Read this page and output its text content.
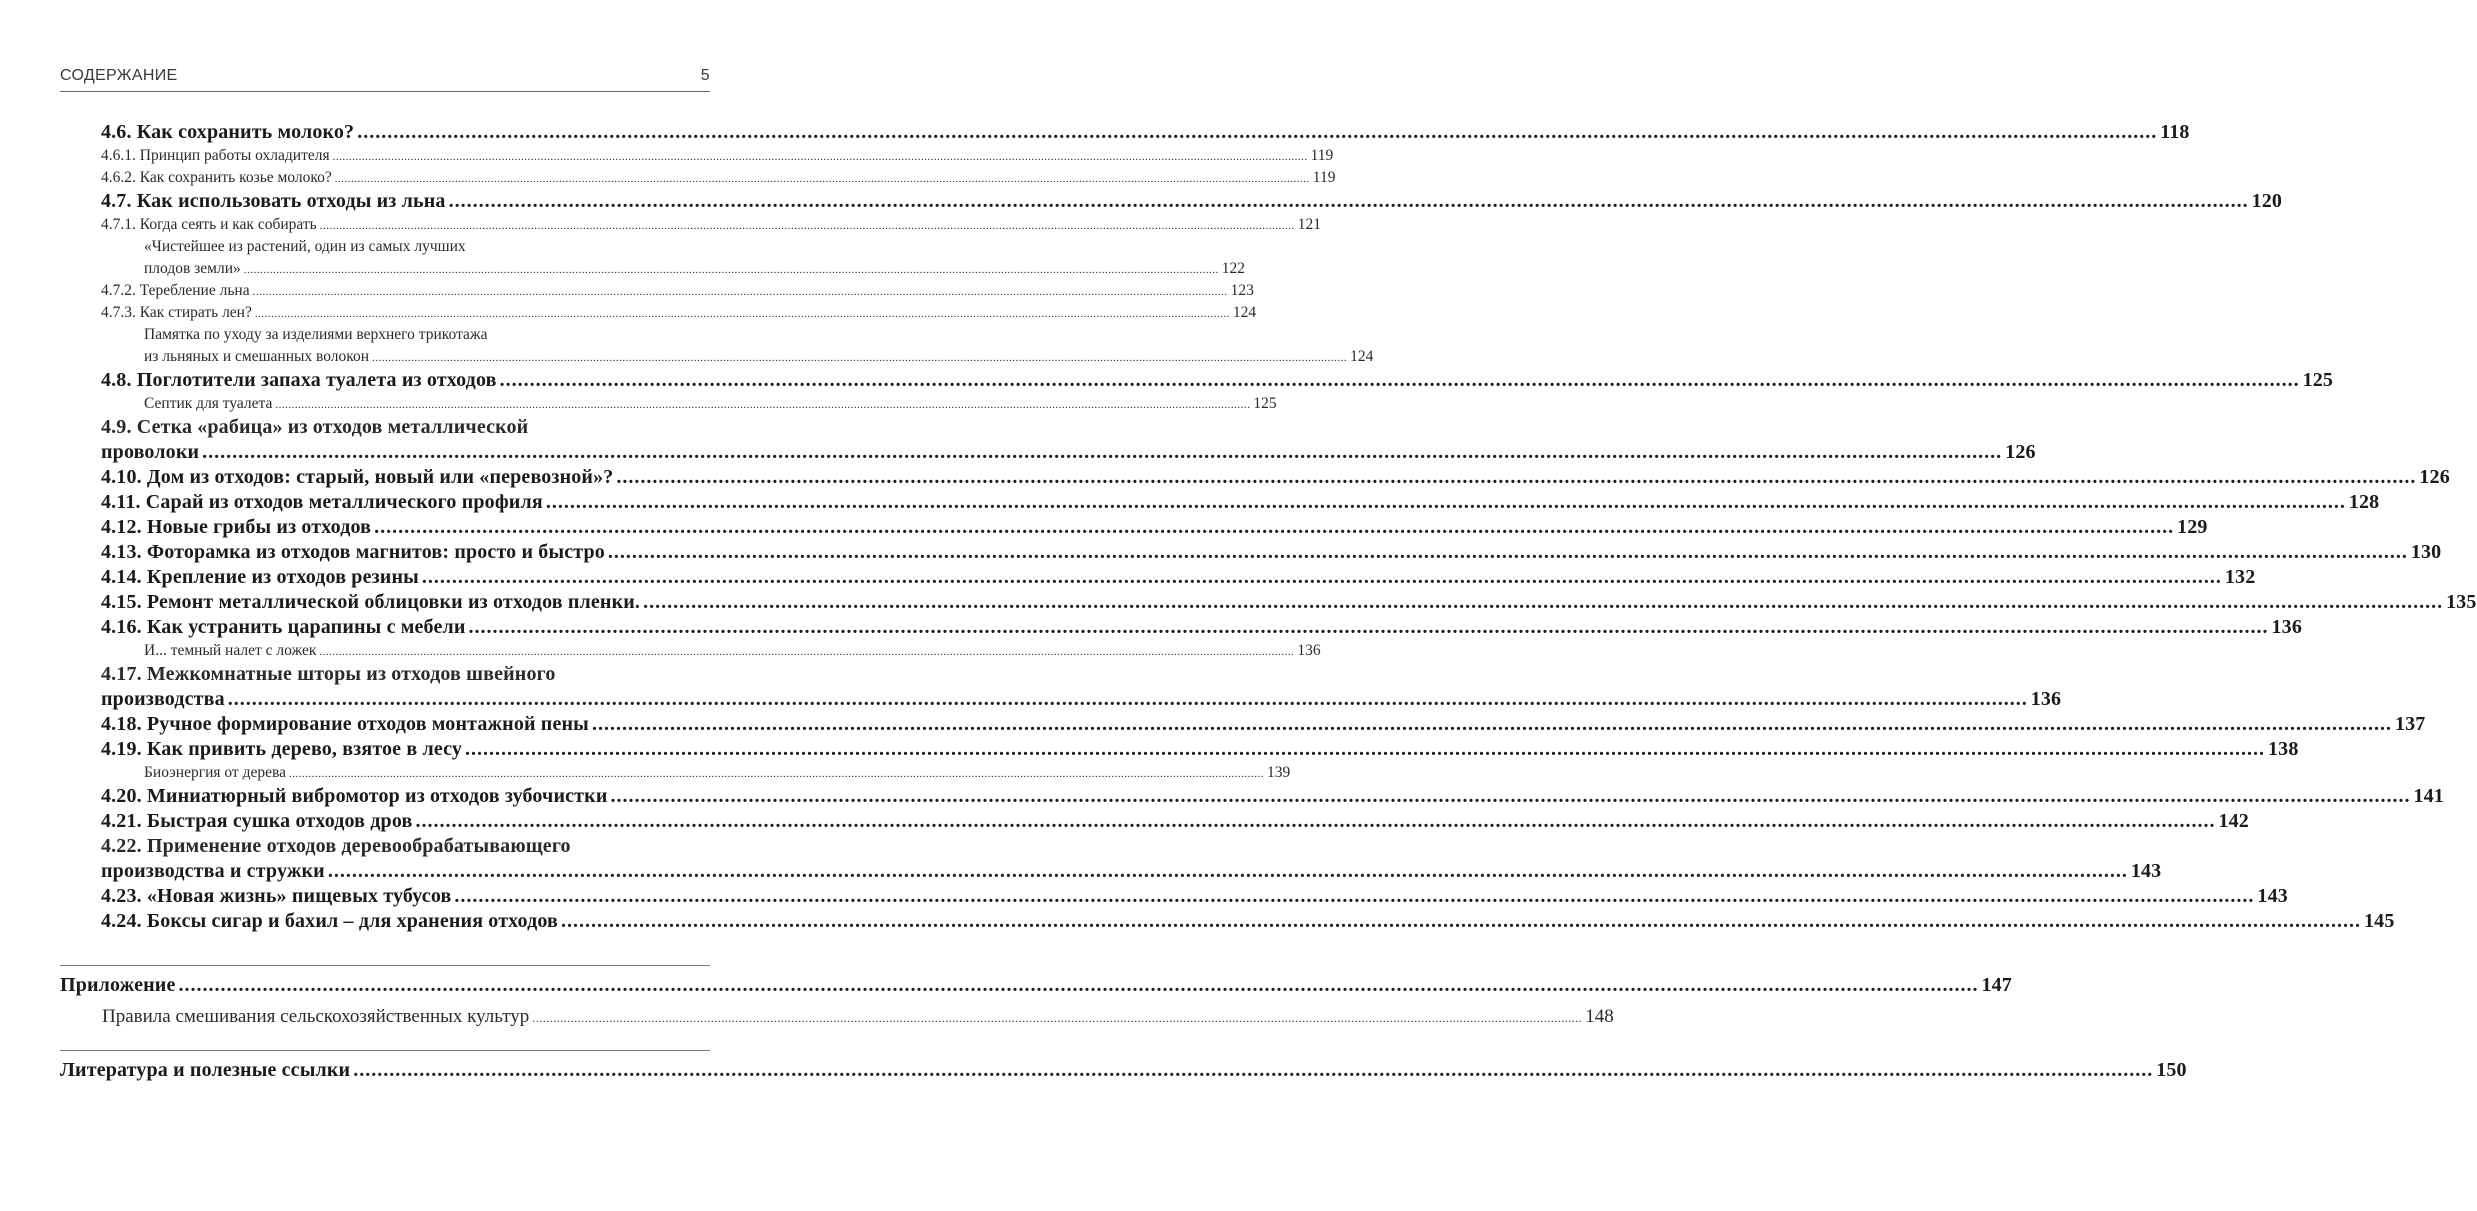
СОДЕРЖАНИЕ	5
4.6. Как сохранить молоко? ............................................................................................................................................................................................................................................................................................................ 118
4.6.1. Принцип работы охладителя ............................................................................................................................................................................................................................................................................................................ 119
4.6.2. Как сохранить козье молоко? ............................................................................................................................................................................................................................................................................................................ 119
4.7. Как использовать отходы из льна ............................................................................................................................................................................................................................................................................................................ 120
4.7.1. Когда сеять и как собирать ............................................................................................................................................................................................................................................................................................................ 121
«Чистейшее из растений, один из самых лучших
плодов земли» ............................................................................................................................................................................................................................................................................................................ 122
4.7.2. Теребление льна ............................................................................................................................................................................................................................................................................................................ 123
4.7.3. Как стирать лен? ............................................................................................................................................................................................................................................................................................................ 124
Памятка по уходу за изделиями верхнего трикотажа
из льняных и смешанных волокон ............................................................................................................................................................................................................................................................................................................ 124
4.8. Поглотители запаха туалета из отходов ............................................................................................................................................................................................................................................................................................................ 125
Септик для туалета ............................................................................................................................................................................................................................................................................................................ 125
4.9. Сетка «рабица» из отходов металлической
проволоки ............................................................................................................................................................................................................................................................................................................ 126
4.10. Дом из отходов: старый, новый или «перевозной»? ............................................................................................................................................................................................................................................................................................................ 126
4.11. Сарай из отходов металлического профиля ............................................................................................................................................................................................................................................................................................................ 128
4.12. Новые грибы из отходов ............................................................................................................................................................................................................................................................................................................ 129
4.13. Фоторамка из отходов магнитов: просто и быстро ............................................................................................................................................................................................................................................................................................................ 130
4.14. Крепление из отходов резины ............................................................................................................................................................................................................................................................................................................ 132
4.15. Ремонт металлической облицовки из отходов пленки. ............................................................................................................................................................................................................................................................................................................ 135
4.16. Как устранить царапины с мебели ............................................................................................................................................................................................................................................................................................................ 136
И... темный налет с ложек ............................................................................................................................................................................................................................................................................................................ 136
4.17. Межкомнатные шторы из отходов швейного
производства ............................................................................................................................................................................................................................................................................................................ 136
4.18. Ручное формирование отходов монтажной пены ............................................................................................................................................................................................................................................................................................................ 137
4.19. Как привить дерево, взятое в лесу ............................................................................................................................................................................................................................................................................................................ 138
Биоэнергия от дерева ............................................................................................................................................................................................................................................................................................................ 139
4.20. Миниатюрный вибромотор из отходов зубочистки ............................................................................................................................................................................................................................................................................................................ 141
4.21. Быстрая сушка отходов дров ............................................................................................................................................................................................................................................................................................................ 142
4.22. Применение отходов деревообрабатывающего
производства и стружки ............................................................................................................................................................................................................................................................................................................ 143
4.23. «Новая жизнь» пищевых тубусов ............................................................................................................................................................................................................................................................................................................ 143
4.24. Боксы сигар и бахил – для хранения отходов ............................................................................................................................................................................................................................................................................................................ 145
Приложение ............................................................................................................................................................................................................................................................................................................ 147
Правила смешивания сельскохозяйственных культур ............................................................................................................................................................................................................................................................................................................ 148
Литература и полезные ссылки ............................................................................................................................................................................................................................................................................................................ 150
